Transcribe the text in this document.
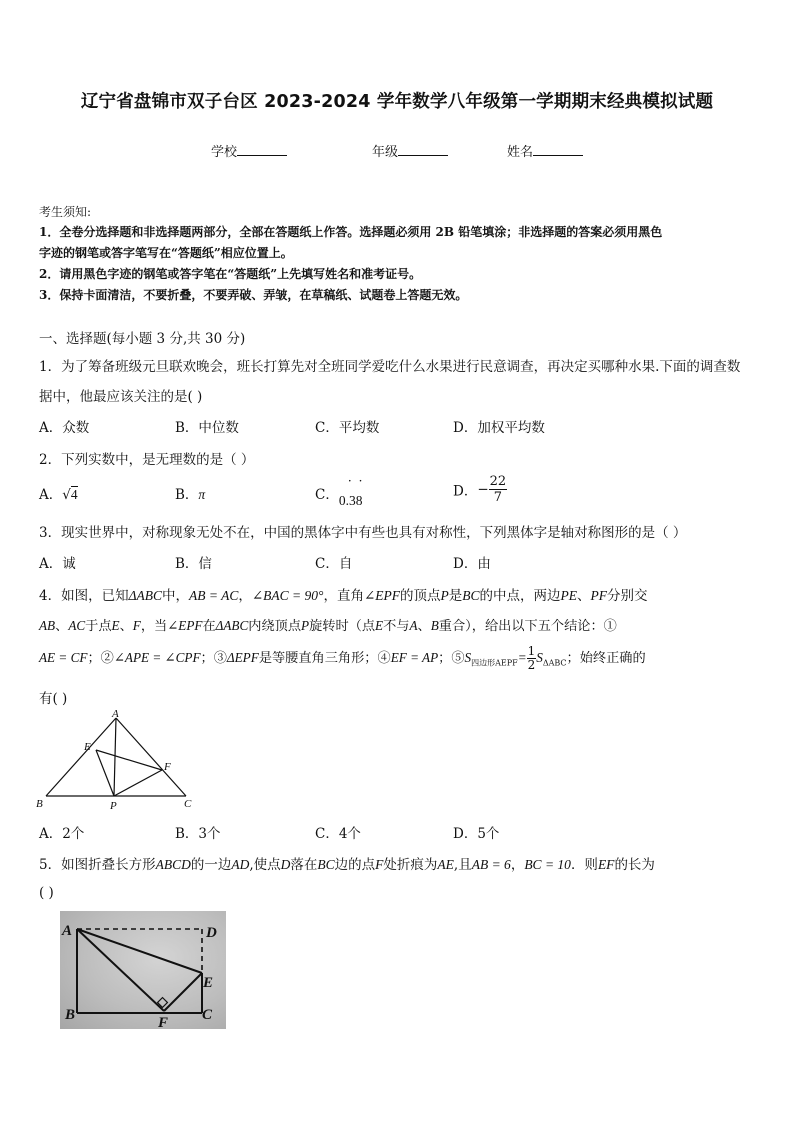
辽宁省盘锦市双子台区 2023-2024 学年数学八年级第一学期期末经典模拟试题
学校	年级	姓名
考生须知:
1．全卷分选择题和非选择题两部分，全部在答题纸上作答。选择题必须用 2B 铅笔填涂；非选择题的答案必须用黑色
字迹的钢笔或答字笔写在“答题纸”相应位置上。
2．请用黑色字迹的钢笔或答字笔在“答题纸”上先填写姓名和准考证号。
3．保持卡面清洁，不要折叠，不要弄破、弄皱，在草稿纸、试题卷上答题无效。
一、选择题(每小题 3 分,共 30 分)
1．为了筹备班级元旦联欢晚会，班长打算先对全班同学爱吃什么水果进行民意调查，再决定买哪种水果.下面的调查数
据中，他最应该关注的是( )
A．众数	B．中位数	C．平均数	D．加权平均数
2．下列实数中，是无理数的是（ ）
A．√4	B．π	C．
··
0.38
D．− $\frac{22}{7}$
3．现实世界中，对称现象无处不在，中国的黑体字中有些也具有对称性，下列黑体字是轴对称图形的是（ ）
A．诚	B．信	C．自	D．由
4．如图，已知ΔABC中，AB = AC，∠BAC = 90°，直角∠EPF的顶点P是BC的中点，两边PE、PF分别交
AB、AC于点E、F，当∠EPF在ΔABC内绕顶点P旋转时（点E不与A、B重合），给出以下五个结论：①
AE = CF；②∠APE = ∠CPF；③ΔEPF是等腰直角三角形；④EF = AP；$⑤S_{四边形AEPF}= \frac{1}{2} S_{\Delta ABC}$；始终正确的
有( )
A
B	C
E
F
P
A．2个	B．3个	C．4个	D．5个
5．如图折叠长方形ABCD的一边AD,使点D落在BC边的点F处折痕为AE,且AB = 6，BC = 10．则EF的长为
( )
A
B	C
D
E
F
